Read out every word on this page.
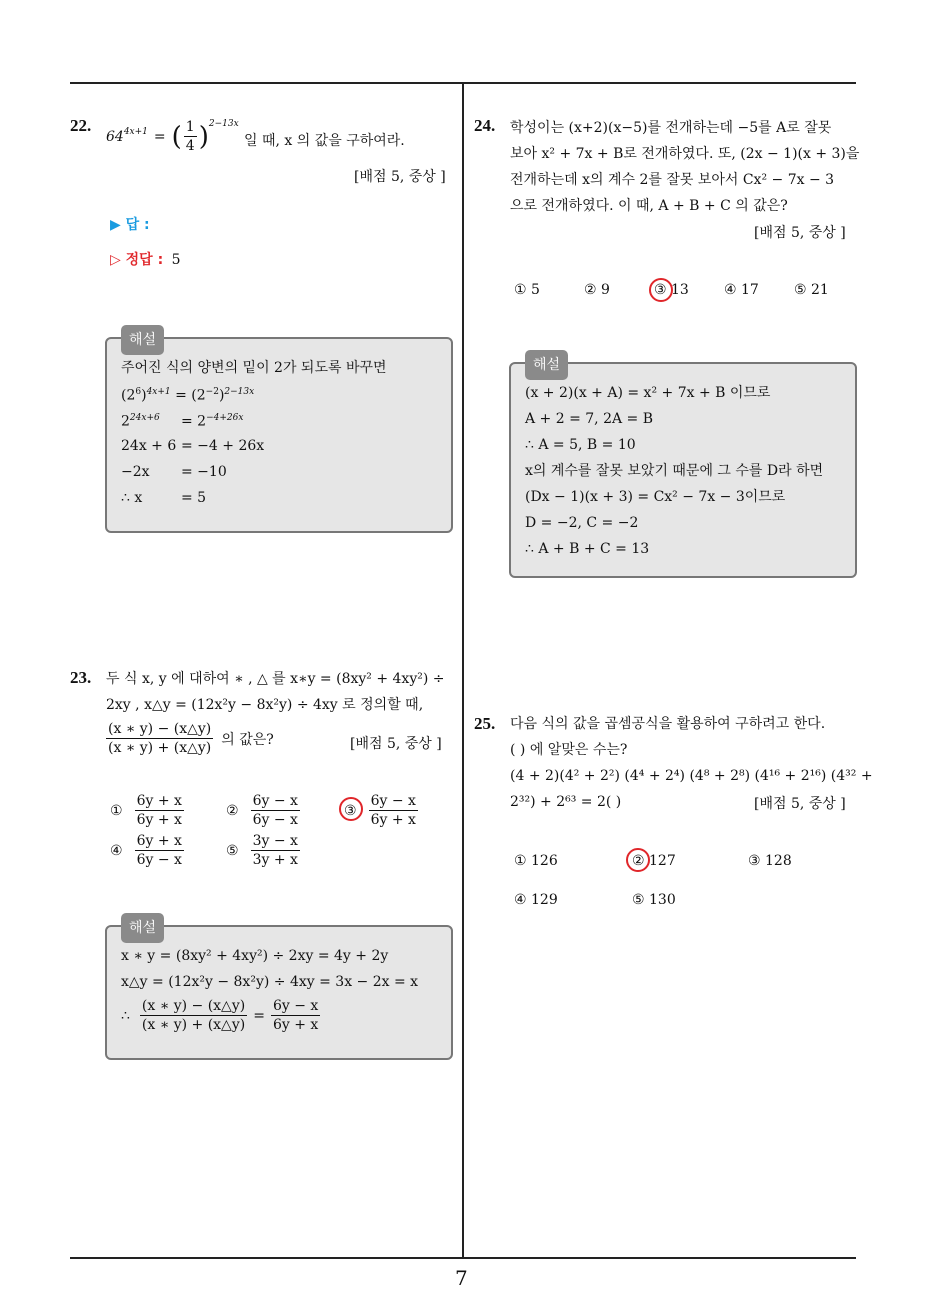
7
22.
64 $^{4x+1}$ = ( $\frac{1}{4}$ ) $^{2-13x}$
일 때, x 의 값을 구하여라.
[배점 5, 중상 ]
▶ 답 :
▷ 정답 : 5
해설
주어진 식의 양변의 밑이 2가 되도록 바꾸면
$(2^6)^{4x+1} = (2^{-2})^{2-13x}$
$2^{24x+6}$	= $2^{-4+26x}$
24x + 6 = −4 + 26x
−2x	= −10
∴ x	= 5
23. 두 식 x, y 에 대하여 ∗ , △ 를 x∗y = (8xy² + 4xy²) ÷
2xy , x△y = (12x²y − 8x²y) ÷ 4xy 로 정의할 때,
$\frac{(x ∗ y) - (x\triangle y)}{(x ∗ y) + (x\triangle y)}$ 의 값은?	[배점 5, 중상 ]
① $\frac{6y + x}{6y + x}$	② $\frac{6y - x}{6y - x}$	③ $\frac{6y - x}{6y + x}$
④ $\frac{6y + x}{6y - x}$	⑤ $\frac{3y - x}{3y + x}$
해설
x ∗ y = (8xy² + 4xy²) ÷ 2xy = 4y + 2y
x△y = (12x²y − 8x²y) ÷ 4xy = 3x − 2x = x
∴ $\frac{(x ∗ y) - (x\triangle y)}{(x ∗ y) + (x\triangle y)} = \frac{6y - x}{6y + x}$
24. 학성이는 (x+2)(x−5)를 전개하는데 −5를 A로 잘못
보아 x² + 7x + B로 전개하였다. 또, (2x − 1)(x + 3)을
전개하는데 x의 계수 2를 잘못 보아서 Cx² − 7x − 3
으로 전개하였다. 이 때, A + B + C 의 값은?
[배점 5, 중상 ]
① 5	② 9	③ 13	④ 17	⑤ 21
해설
(x + 2)(x + A) = x² + 7x + B 이므로
A + 2 = 7, 2A = B
∴ A = 5, B = 10
x의 계수를 잘못 보았기 때문에 그 수를 D라 하면
(Dx − 1)(x + 3) = Cx² − 7x − 3이므로
D = −2, C = −2
∴ A + B + C = 13
25. 다음 식의 값을 곱셈공식을 활용하여 구하려고 한다.
( ) 에 알맞은 수는?
(4 + 2)(4² + 2²) (4⁴ + 2⁴) (4⁸ + 2⁸) (4¹⁶ + 2¹⁶) (4³² +
2³²) + 2⁶³ = 2( )	[배점 5, 중상 ]
① 126	② 127	③ 128
④ 129	⑤ 130
